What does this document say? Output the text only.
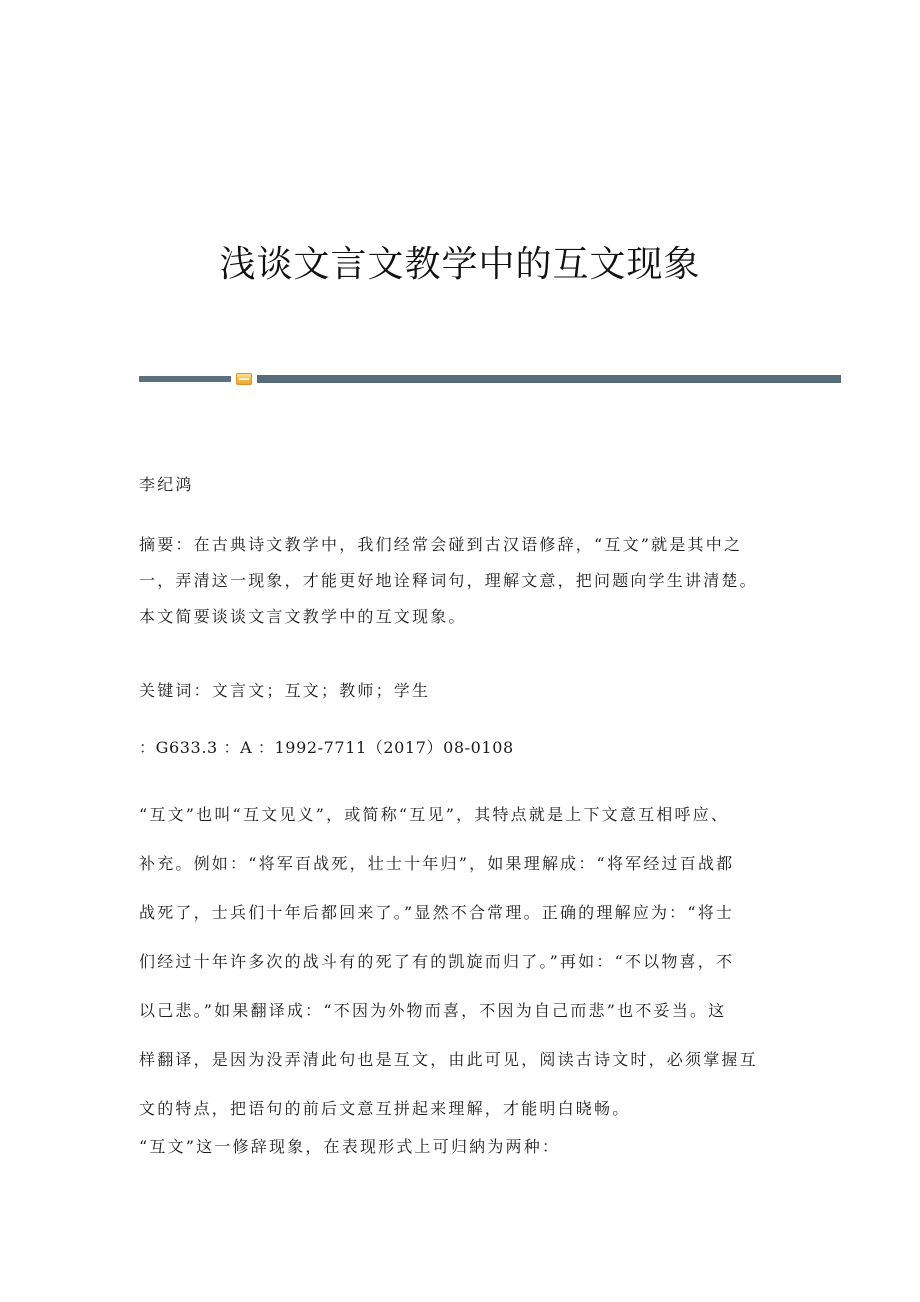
浅谈文言文教学中的互文现象
李纪鸿
摘要：在古典诗文教学中，我们经常会碰到古汉语修辞，“互文”就是其中之
一，弄清这一现象，才能更好地诠释词句，理解文意，把问题向学生讲清楚。
本文简要谈谈文言文教学中的互文现象。
关键词：文言文；互文；教师；学生
：G633.3 ：A ：1992-7711（2017）08-0108
“互文”也叫“互文见义”，或简称“互见”，其特点就是上下文意互相呼应、
补充。例如：“将军百战死，壮士十年归”，如果理解成：“将军经过百战都
战死了，士兵们十年后都回来了。”显然不合常理。正确的理解应为：“将士
们经过十年许多次的战斗有的死了有的凯旋而归了。”再如：“不以物喜，不
以己悲。”如果翻译成：“不因为外物而喜，不因为自己而悲”也不妥当。这
样翻译，是因为没弄清此句也是互文，由此可见，阅读古诗文时，必须掌握互
文的特点，把语句的前后文意互拼起来理解，才能明白晓畅。
“互文”这一修辞现象，在表现形式上可归納为两种：
